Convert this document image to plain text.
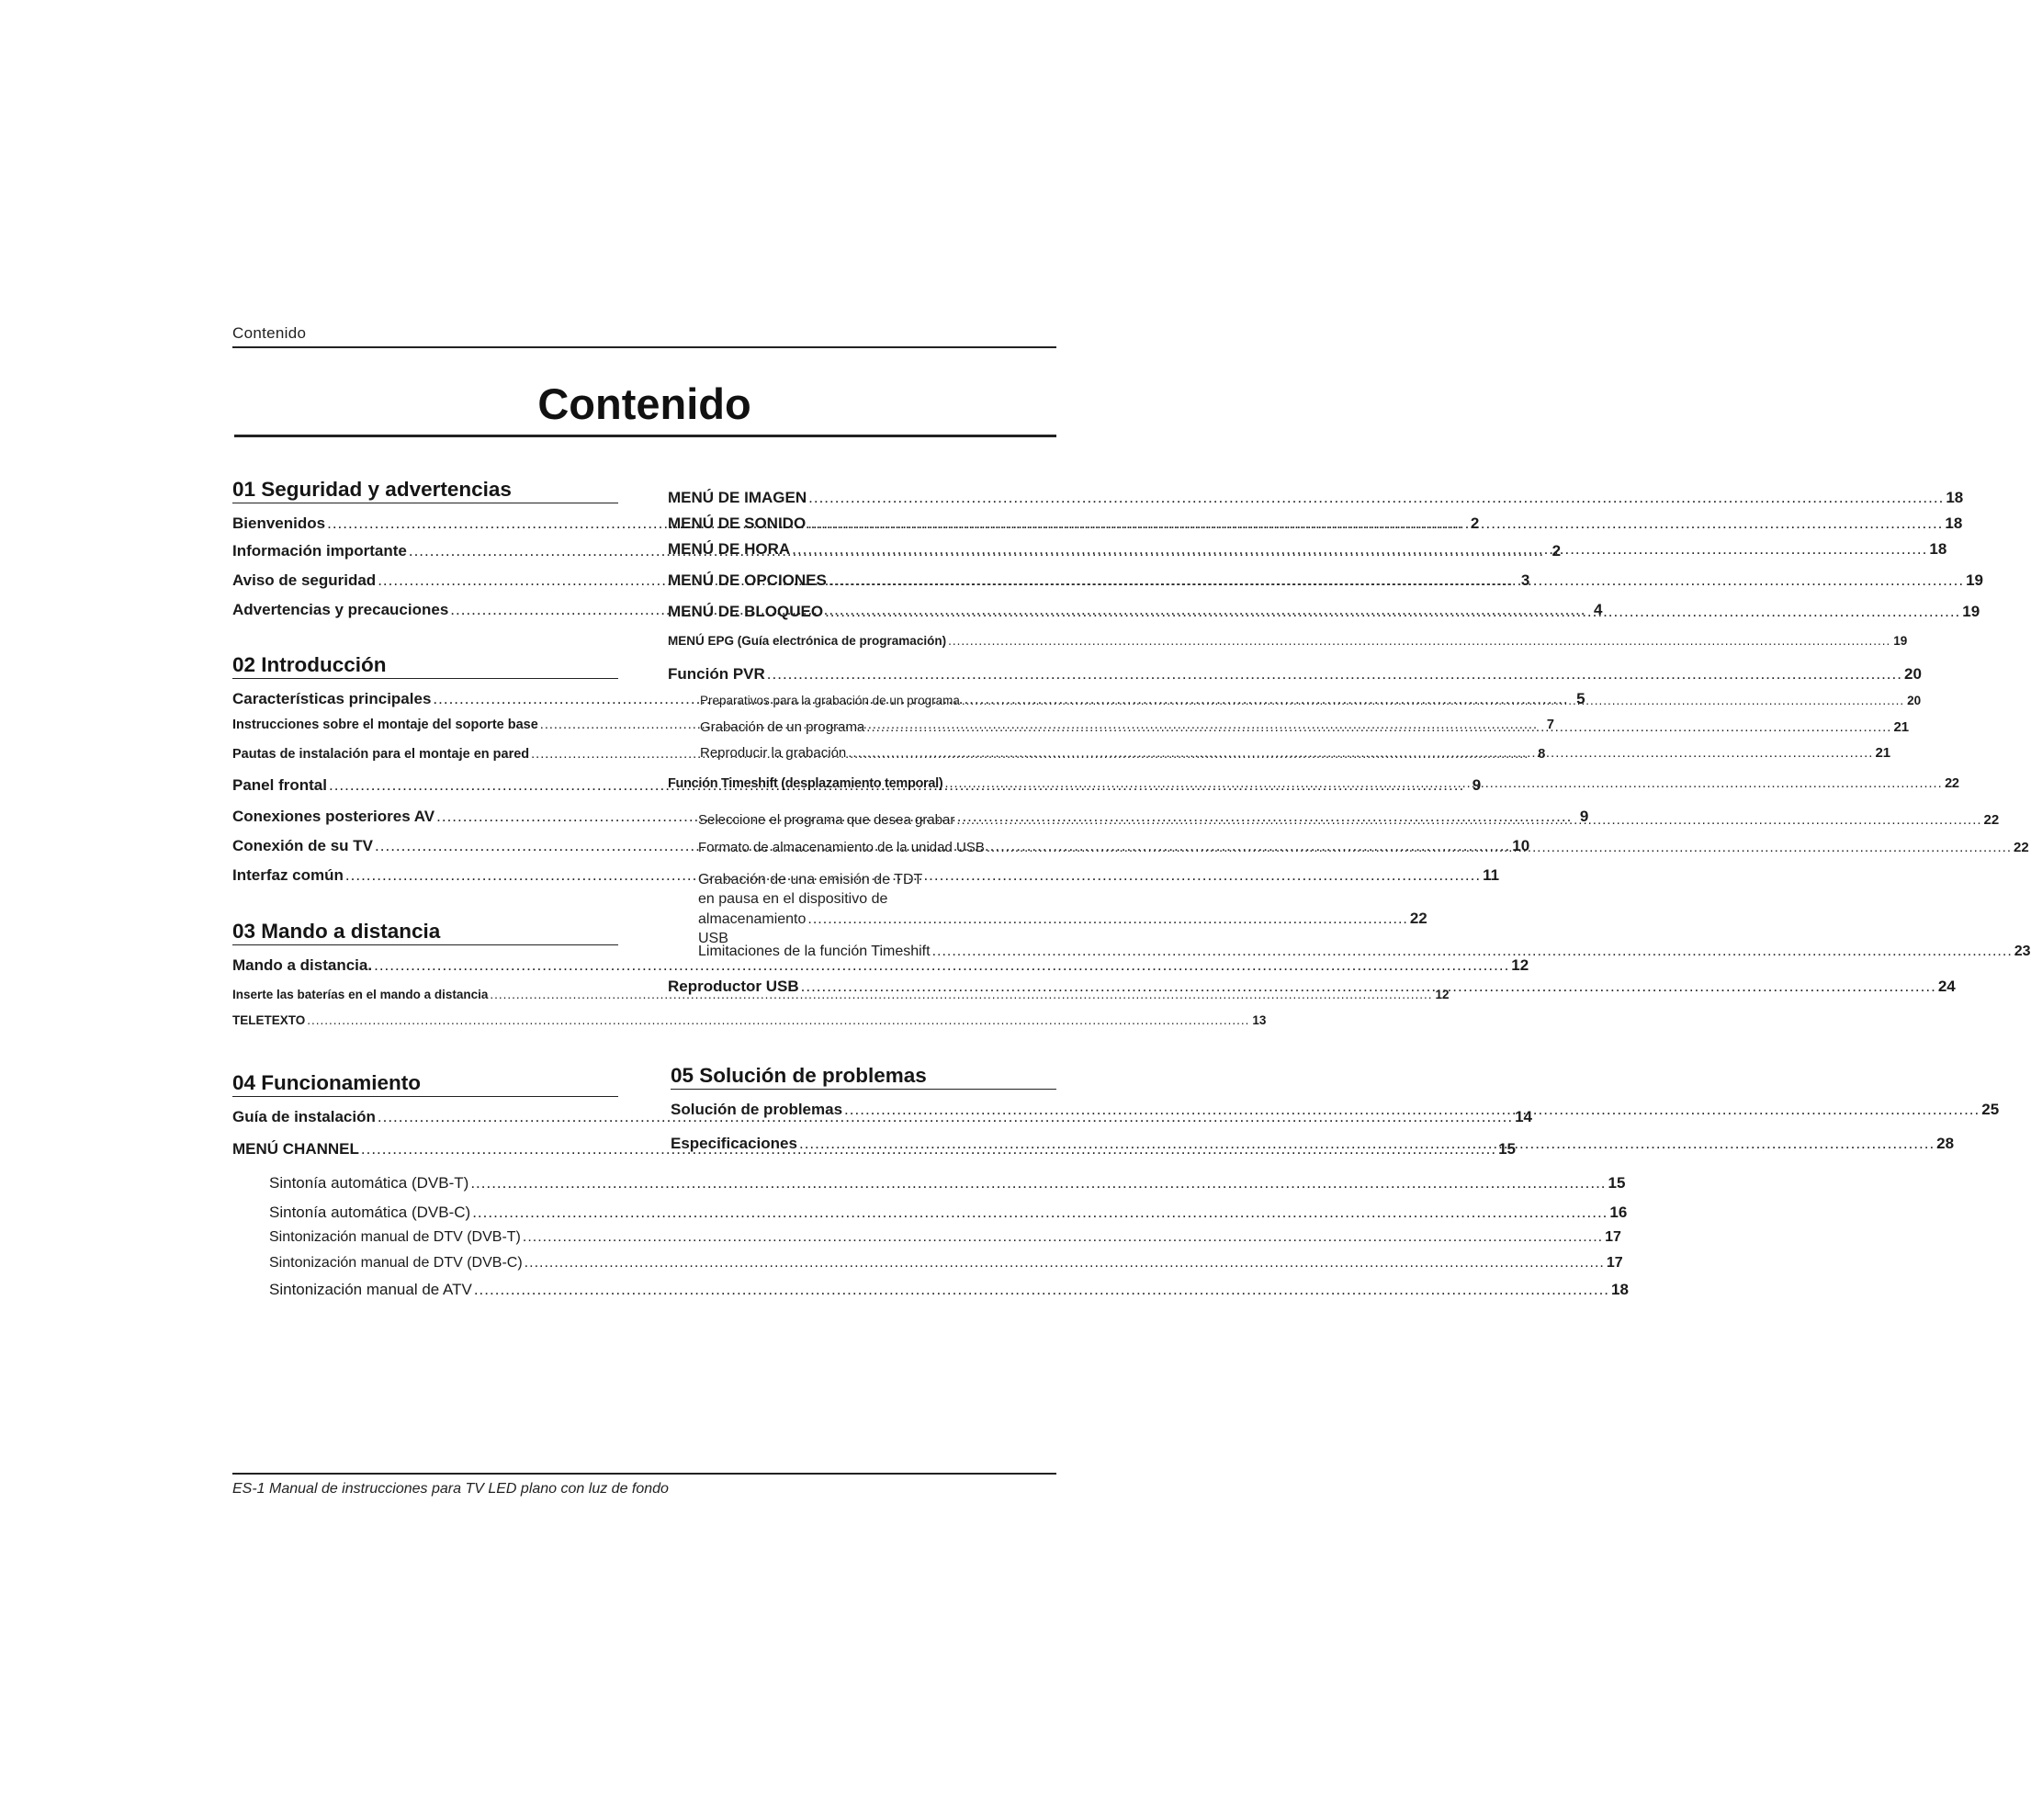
Contenido
Contenido
01 Seguridad y advertencias
Bienvenidos .....	2
Información importante .....	2
Aviso de seguridad .....	3
Advertencias y precauciones .....	4
02 Introducción
Características principales .....	5
Instrucciones sobre el montaje del soporte base .....	7
Pautas de instalación para el montaje en pared .....	8
Panel frontal .....	9
Conexiones posteriores AV .....	9
Conexión de su TV .....	10
Interfaz común .....	11
03 Mando a distancia
Mando a distancia. .....	12
Inserte las baterías en el mando a distancia .....	12
TELETEXTO .....	13
04 Funcionamiento
Guía de instalación .....	14
MENÚ CHANNEL .....	15
Sintonía automática (DVB-T) .....	15
Sintonía automática (DVB-C) .....	16
Sintonización manual de DTV (DVB-T) .....	17
Sintonización manual de DTV (DVB-C) .....	17
Sintonización manual de ATV .....	18
MENÚ DE IMAGEN .....	18
MENÚ DE SONIDO .....	18
MENÚ DE HORA .....	18
MENÚ DE OPCIONES .....	19
MENÚ DE BLOQUEO .....	19
MENÚ EPG (Guía electrónica de programación) .....	19
Función PVR .....	20
Preparativos para la grabación de un programa .....	20
Grabación de un programa .....	21
Reproducir la grabación .....	21
Función Timeshift (desplazamiento temporal) .....	22
Seleccione el programa que desea grabar .....	22
Formato de almacenamiento de la unidad USB .....	22
Grabación de una emisión de TDT
en pausa en el dispositivo de
almacenamiento USB
........................................................................................................................ 22
Limitaciones de la función Timeshift .....	23
Reproductor USB .....	24
05 Solución de problemas
Solución de problemas .....	25
Especificaciones .....	28
ES-1 Manual de instrucciones para TV LED plano con luz de fondo
